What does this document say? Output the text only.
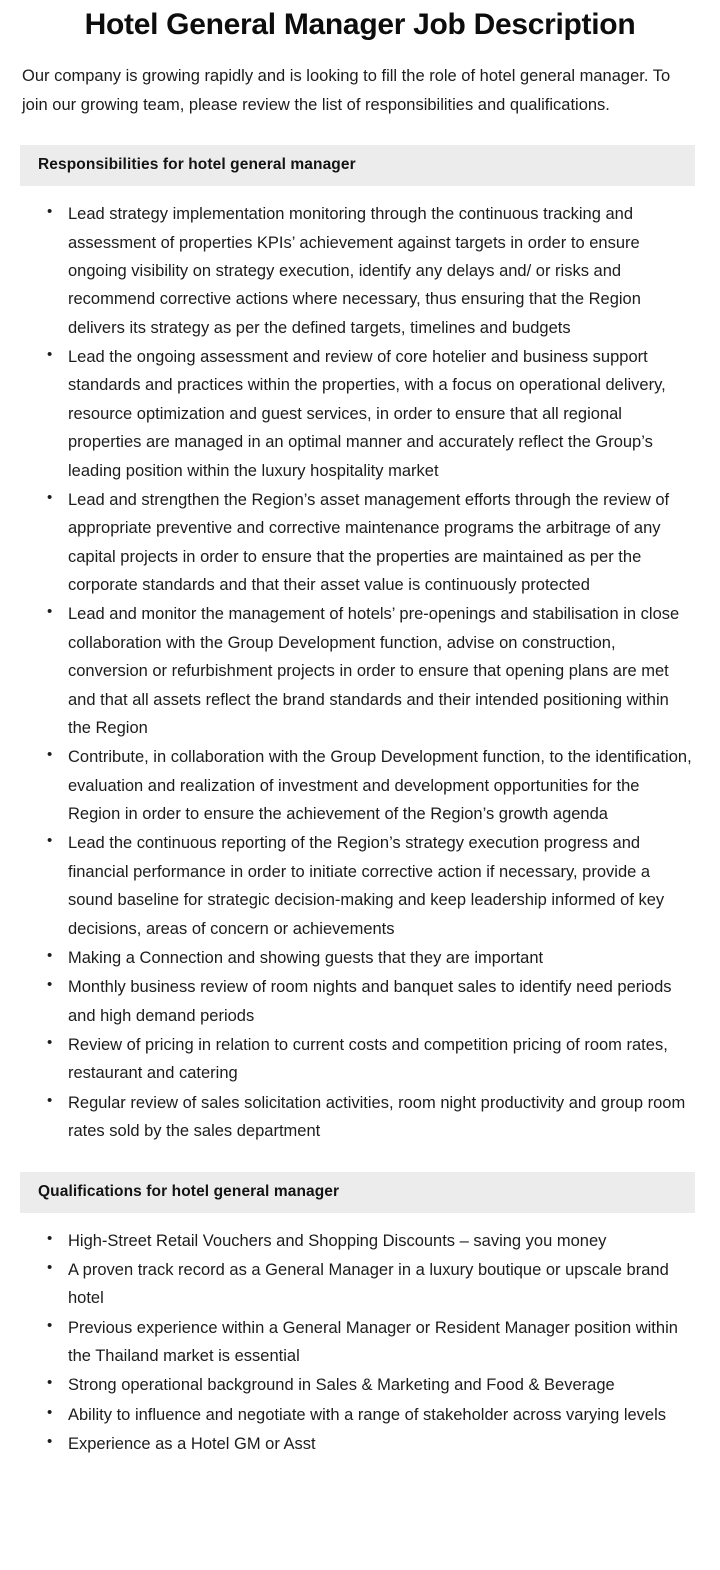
Hotel General Manager Job Description

Our company is growing rapidly and is looking to fill the role of hotel general manager. To join our growing team, please review the list of responsibilities and qualifications.

Responsibilities for hotel general manager
• Lead strategy implementation monitoring through the continuous tracking and assessment of properties KPIs’ achievement against targets in order to ensure ongoing visibility on strategy execution, identify any delays and/ or risks and recommend corrective actions where necessary, thus ensuring that the Region delivers its strategy as per the defined targets, timelines and budgets
• Lead the ongoing assessment and review of core hotelier and business support standards and practices within the properties, with a focus on operational delivery, resource optimization and guest services, in order to ensure that all regional properties are managed in an optimal manner and accurately reflect the Group’s leading position within the luxury hospitality market
• Lead and strengthen the Region’s asset management efforts through the review of appropriate preventive and corrective maintenance programs the arbitrage of any capital projects in order to ensure that the properties are maintained as per the corporate standards and that their asset value is continuously protected
• Lead and monitor the management of hotels’ pre-openings and stabilisation in close collaboration with the Group Development function, advise on construction, conversion or refurbishment projects in order to ensure that opening plans are met and that all assets reflect the brand standards and their intended positioning within the Region
• Contribute, in collaboration with the Group Development function, to the identification, evaluation and realization of investment and development opportunities for the Region in order to ensure the achievement of the Region’s growth agenda
• Lead the continuous reporting of the Region’s strategy execution progress and financial performance in order to initiate corrective action if necessary, provide a sound baseline for strategic decision-making and keep leadership informed of key decisions, areas of concern or achievements
• Making a Connection and showing guests that they are important
• Monthly business review of room nights and banquet sales to identify need periods and high demand periods
• Review of pricing in relation to current costs and competition pricing of room rates, restaurant and catering
• Regular review of sales solicitation activities, room night productivity and group room rates sold by the sales department
Qualifications for hotel general manager
• High-Street Retail Vouchers and Shopping Discounts – saving you money
• A proven track record as a General Manager in a luxury boutique or upscale brand hotel
• Previous experience within a General Manager or Resident Manager position within the Thailand market is essential
• Strong operational background in Sales & Marketing and Food & Beverage
• Ability to influence and negotiate with a range of stakeholder across varying levels
• Experience as a Hotel GM or Asst
